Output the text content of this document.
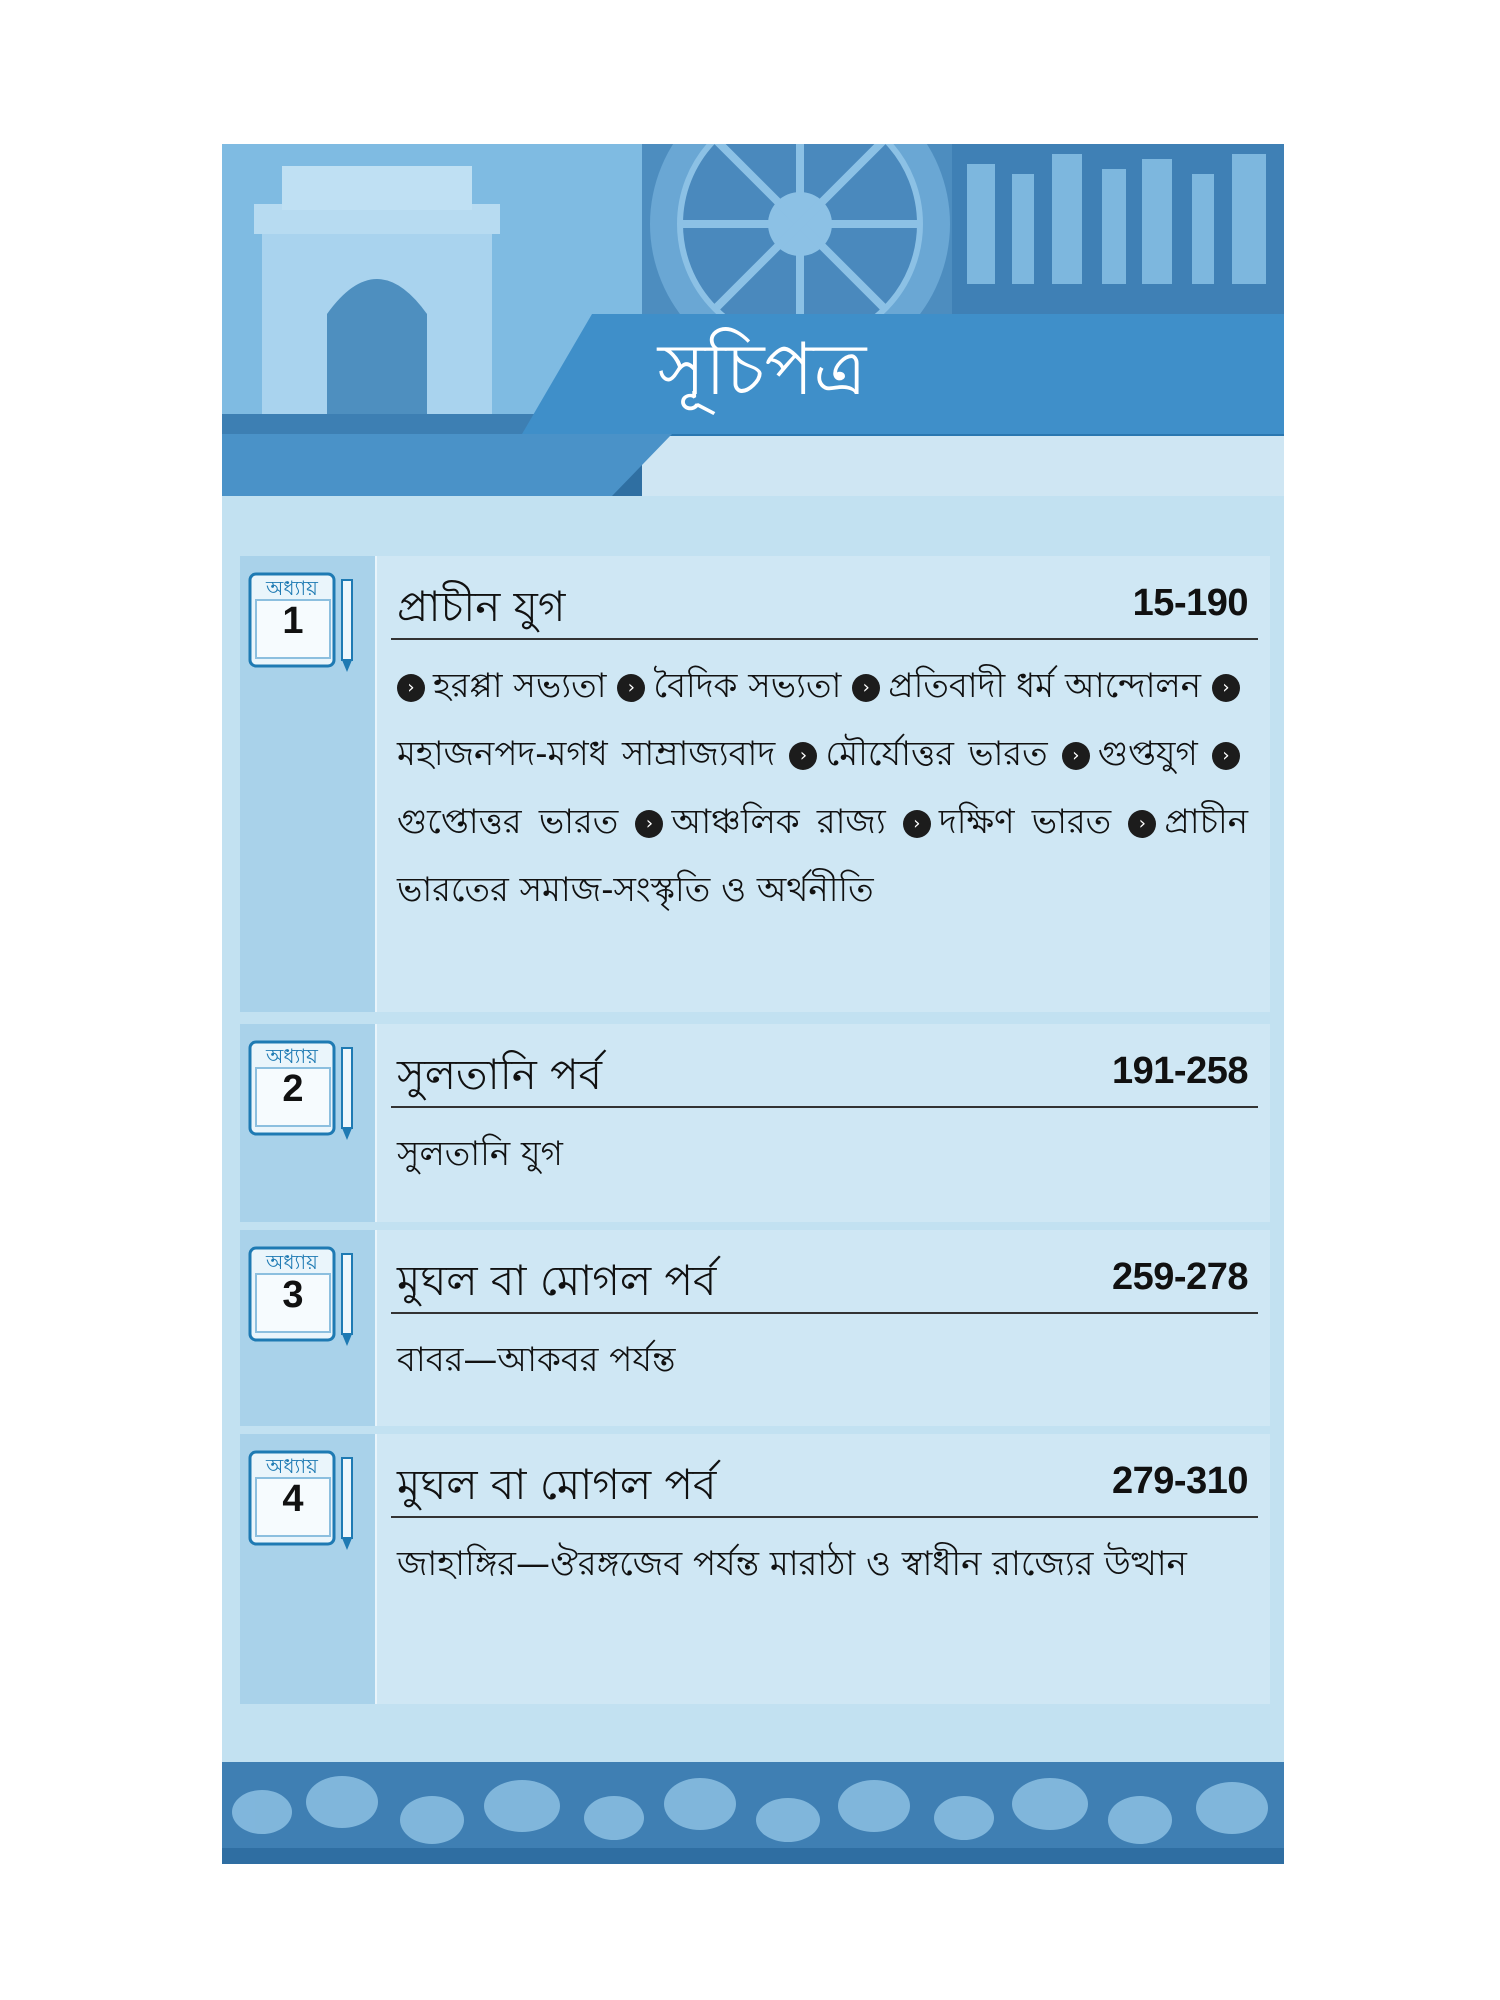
সূচিপত্র
অধ্যায়
1	প্রাচীন যুগ	15-190
› হরপ্পা সভ্যতা › বৈদিক সভ্যতা › প্রতিবাদী ধর্ম আন্দোলন ›মহাজনপদ-মগধ সাম্রাজ্যবাদ › মৌর্যোত্তর ভারত › গুপ্তযুগ ›গুপ্তোত্তর ভারত › আঞ্চলিক রাজ্য › দক্ষিণ ভারত › প্রাচীন ভারতের সমাজ-সংস্কৃতি ও অর্থনীতি
অধ্যায়
2	সুলতানি পর্ব	191-258
সুলতানি যুগ
অধ্যায়
3	মুঘল বা মোগল পর্ব	259-278
বাবর—আকবর পর্যন্ত
অধ্যায়
4	মুঘল বা মোগল পর্ব	279-310
জাহাঙ্গির—ঔরঙ্গজেব পর্যন্ত মারাঠা ও স্বাধীন রাজ্যের উত্থান
